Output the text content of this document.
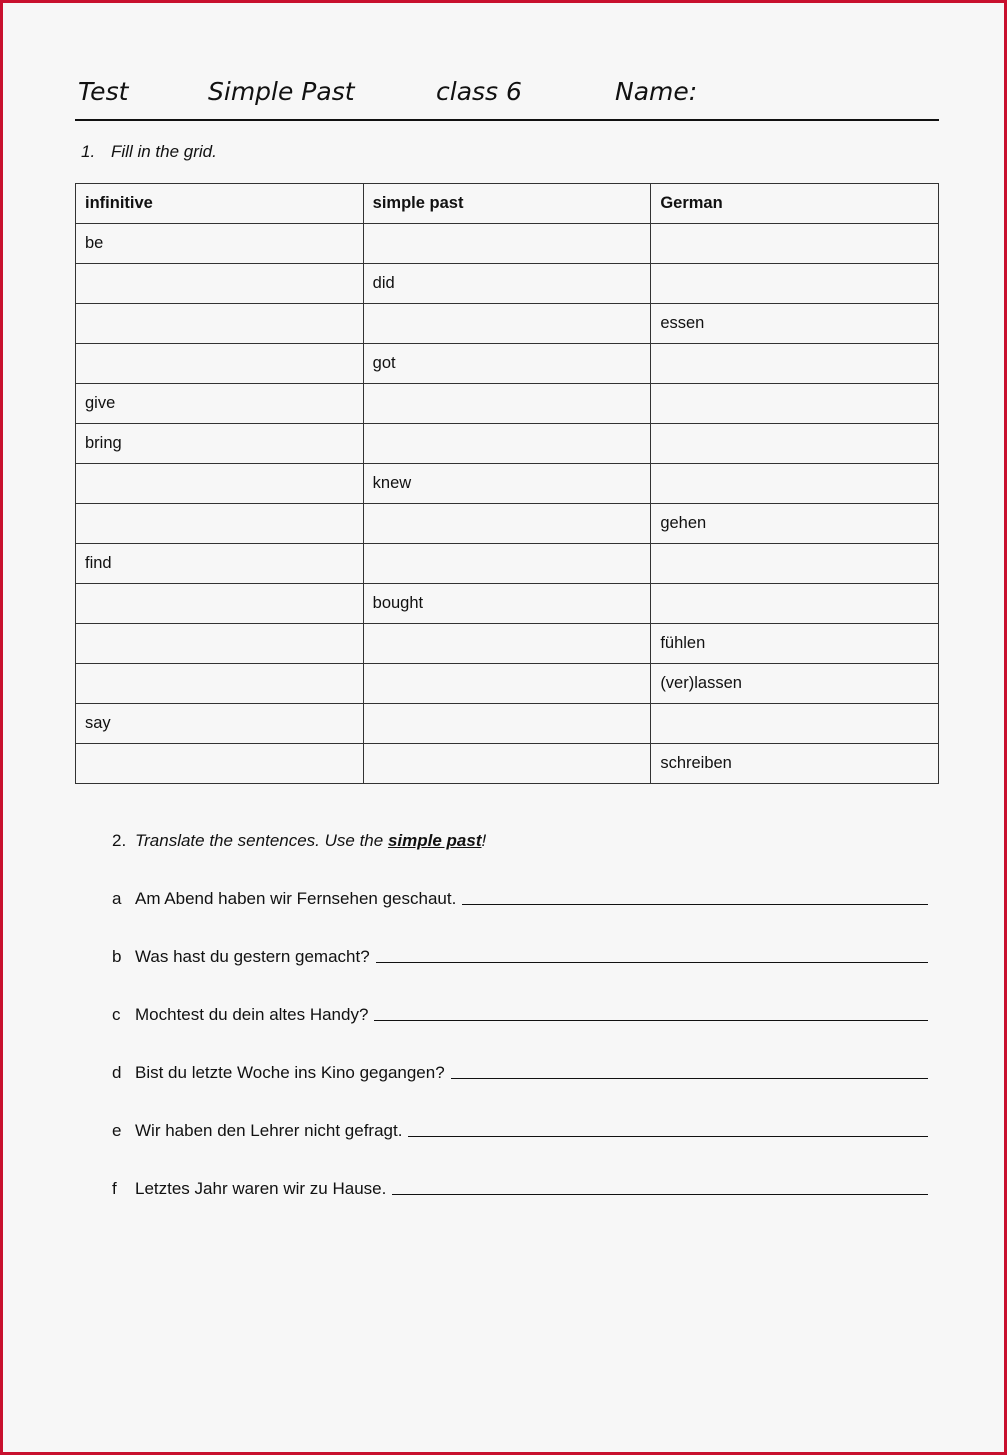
Test	Simple Past	class 6	Name:
1. Fill in the grid.
infinitive	simple past	German
be		
	did	
		essen
	got	
give		
bring		
	knew	
		gehen
find		
	bought	
		fühlen
		(ver)lassen
say		
		schreiben
2. Translate the sentences. Use the simple past!
a Am Abend haben wir Fernsehen geschaut.
b Was hast du gestern gemacht?
c Mochtest du dein altes Handy?
d Bist du letzte Woche ins Kino gegangen?
e Wir haben den Lehrer nicht gefragt.
f	Letztes Jahr waren wir zu Hause.
